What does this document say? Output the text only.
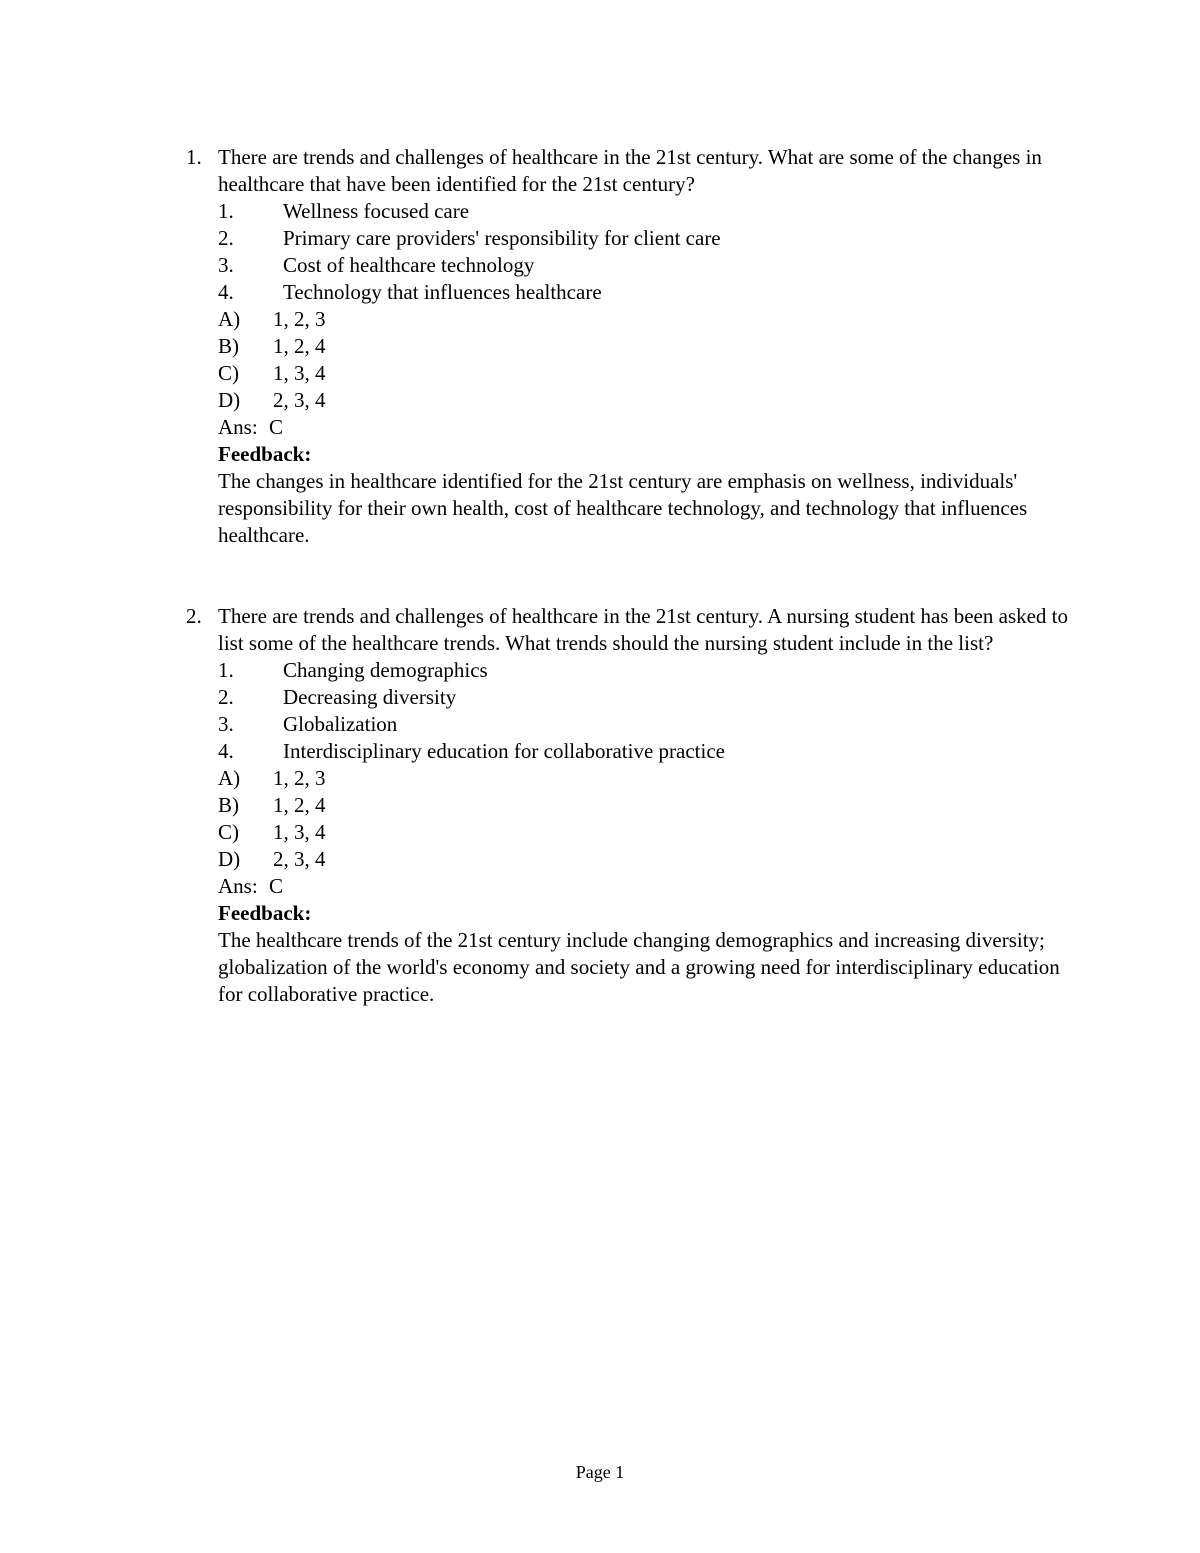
1. There are trends and challenges of healthcare in the 21st century. What are some of the changes in healthcare that have been identified for the 21st century?

1.	Wellness focused care
2.	Primary care providers' responsibility for client care
3.	Cost of healthcare technology
4.	Technology that influences healthcare
A)	1, 2, 3
B)	1, 2, 4
C)	1, 3, 4
D)	2, 3, 4
Ans: C
Feedback:

The changes in healthcare identified for the 21st century are emphasis on wellness, individuals' responsibility for their own health, cost of healthcare technology, and technology that influences healthcare.

2. There are trends and challenges of healthcare in the 21st century. A nursing student has been asked to list some of the healthcare trends. What trends should the nursing student include in the list?

1.	Changing demographics
2.	Decreasing diversity
3.	Globalization
4.	Interdisciplinary education for collaborative practice
A)	1, 2, 3
B)	1, 2, 4
C)	1, 3, 4
D)	2, 3, 4
Ans: C
Feedback:

The healthcare trends of the 21st century include changing demographics and increasing diversity; globalization of the world's economy and society and a growing need for interdisciplinary education for collaborative practice.

Page 1
